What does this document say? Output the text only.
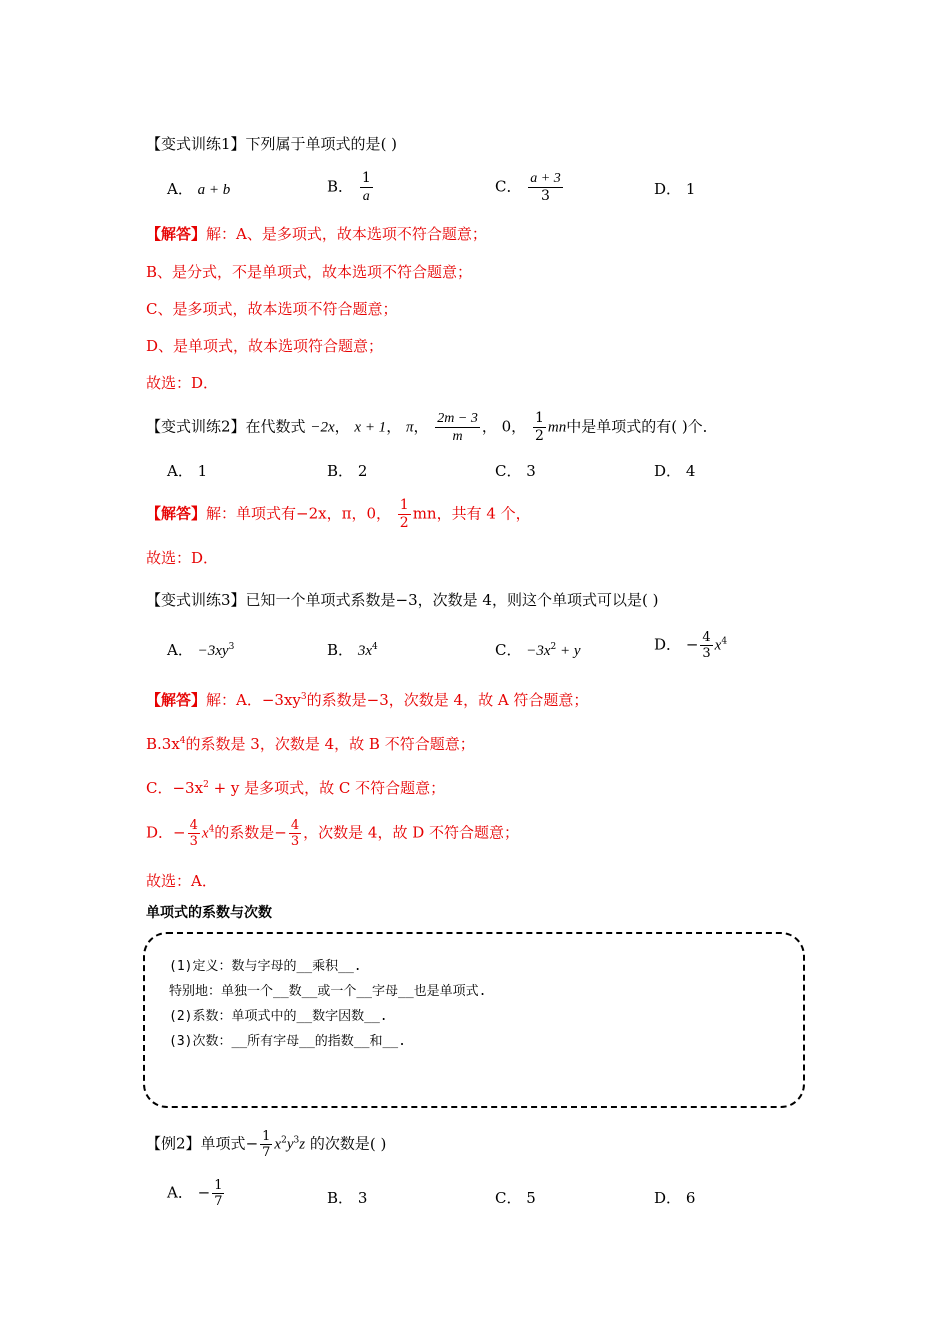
【变式训练1】下列属于单项式的是( )
A． a + b	B． $\frac{1}{a}$	C． $\frac{a + 3}{3}$	D． 1
【解答】解：A、是多项式，故本选项不符合题意；
B、是分式，不是单项式，故本选项不符合题意；
C、是多项式，故本选项不符合题意；
D、是单项式，故本选项符合题意；
故选：D．
【变式训练2】在代数式 −2x， x + 1， π， $\frac{2m - 3}{m}$ ， 0， $\frac{1}{2}$ mn中是单项式的有( )个．
A． 1	B． 2	C． 3	D． 4
【解答】解：单项式有−2x，π，0， $\frac{1}{2}$ mn，共有 4 个，
故选：D．
【变式训练3】已知一个单项式系数是−3，次数是 4，则这个单项式可以是( )
A． $-3xy^3$	B． $3x^4$	C． $-3x^2 + y$	D． − $\frac{4}{3} x^4$
【解答】解：A．$-3xy^3$的系数是−3，次数是 4，故 A 符合题意；
$B.3x^4$的系数是 3，次数是 4，故 B 不符合题意；
C．$-3x^2 + y$ 是多项式，故 C 不符合题意；
D．− $\frac{4}{3} x^4$的系数是− $\frac{4}{3}$ ，次数是 4，故 D 不符合题意；
故选：A．
单项式的系数与次数
(1)定义：数与字母的__乘积__.
特别地：单独一个__数__或一个__字母__也是单项式.
(2)系数：单项式中的__数字因数__.
(3)次数：__所有字母__的指数__和__.
【例2】单项式− $\frac{1}{7} x^2y^3z$ 的次数是( )
A． − $\frac{1}{7}$	B． 3	C． 5	D． 6
